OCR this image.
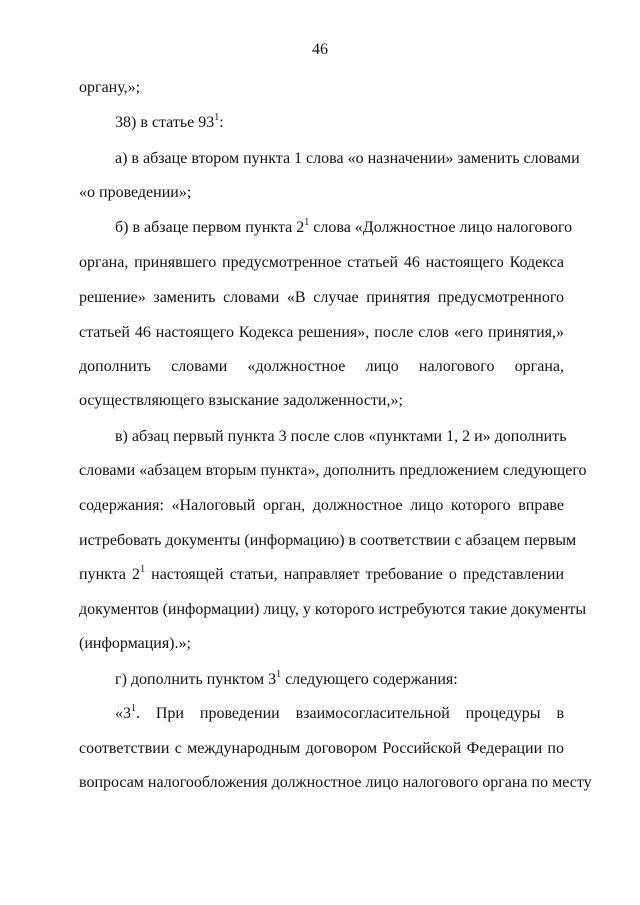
46
органу,»;
38) в статье $93^1$:
а) в абзаце втором пункта 1 слова «о назначении» заменить словами
«о проведении»;
б) в абзаце первом пункта $2^1$ слова «Должностное лицо налогового
органа, принявшего предусмотренное статьей 46 настоящего Кодекса
решение» заменить словами «В случае принятия предусмотренного
статьей 46 настоящего Кодекса решения», после слов «его принятия,»
дополнить словами «должностное лицо налогового органа,
осуществляющего взыскание задолженности,»;
в) абзац первый пункта 3 после слов «пунктами 1, 2 и» дополнить
словами «абзацем вторым пункта», дополнить предложением следующего
содержания: «Налоговый орган, должностное лицо которого вправе
истребовать документы (информацию) в соответствии с абзацем первым
пункта $2^1$ настоящей статьи, направляет требование о представлении
документов (информации) лицу, у которого истребуются такие документы
(информация).»;
г) дополнить пунктом $3^1$ следующего содержания:
«$3^1$. При проведении взаимосогласительной процедуры в
соответствии с международным договором Российской Федерации по
вопросам налогообложения должностное лицо налогового органа по месту
